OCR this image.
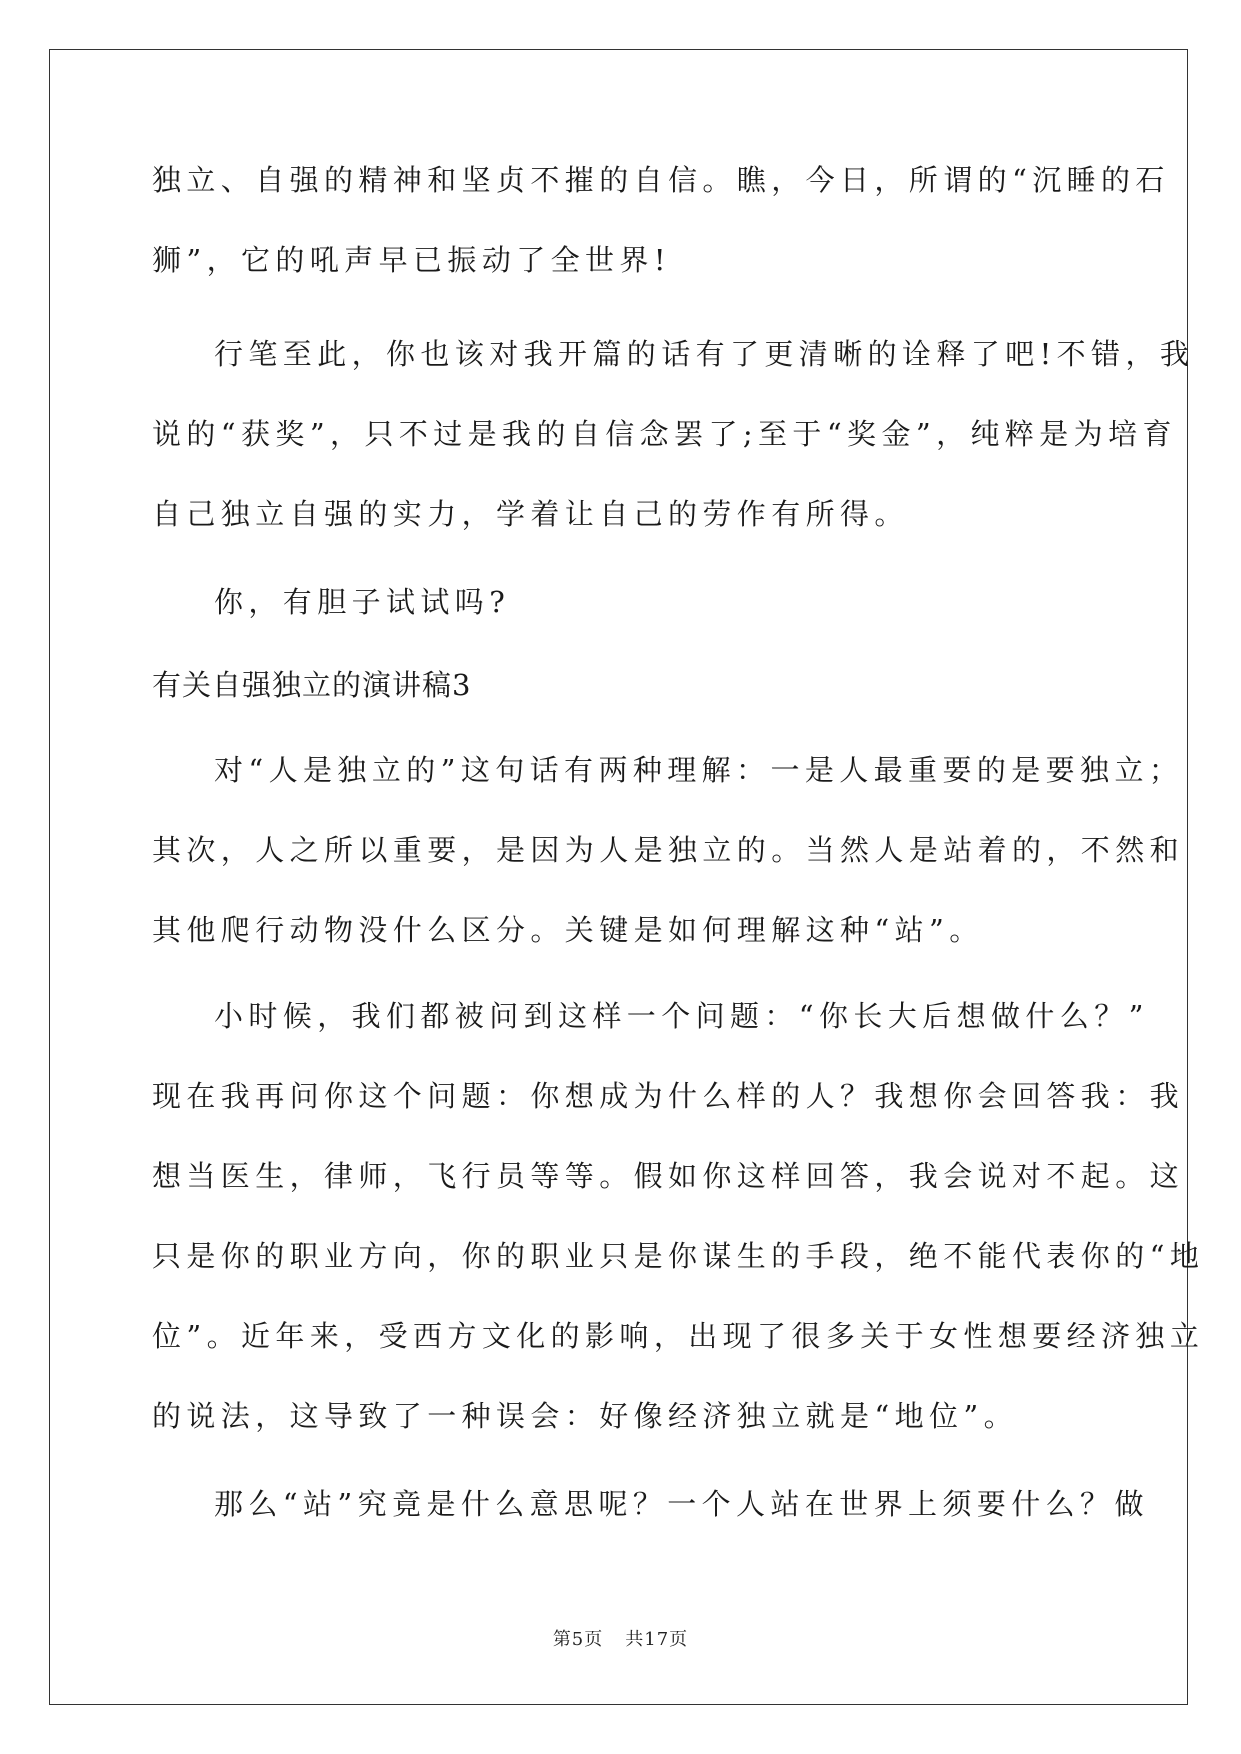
独立、自强的精神和坚贞不摧的自信。瞧，今日，所谓的“沉睡的石
狮”，它的吼声早已振动了全世界!
行笔至此，你也该对我开篇的话有了更清晰的诠释了吧!不错，我
说的“获奖”，只不过是我的自信念罢了;至于“奖金”，纯粹是为培育
自己独立自强的实力，学着让自己的劳作有所得。
你，有胆子试试吗?
有关自强独立的演讲稿3
对“人是独立的”这句话有两种理解：一是人最重要的是要独立；
其次，人之所以重要，是因为人是独立的。当然人是站着的，不然和
其他爬行动物没什么区分。关键是如何理解这种“站”。
小时候，我们都被问到这样一个问题：“你长大后想做什么？”
现在我再问你这个问题：你想成为什么样的人？我想你会回答我：我
想当医生，律师，飞行员等等。假如你这样回答，我会说对不起。这
只是你的职业方向，你的职业只是你谋生的手段，绝不能代表你的“地
位”。近年来，受西方文化的影响，出现了很多关于女性想要经济独立
的说法，这导致了一种误会：好像经济独立就是“地位”。
那么“站”究竟是什么意思呢？一个人站在世界上须要什么？做
第5页 共17页
